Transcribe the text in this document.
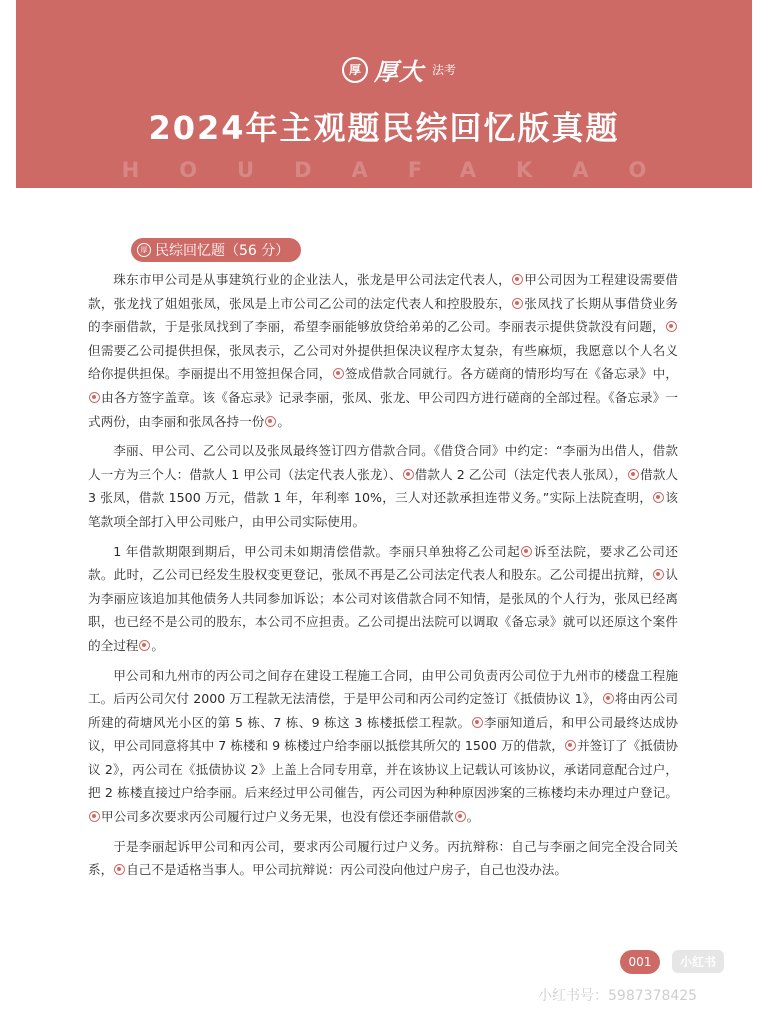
厚 厚大 法考
2024年主观题民综回忆版真题
HOUDAFAKAO
厚 民综回忆题（56 分）

珠东市甲公司是从事建筑行业的企业法人，张龙是甲公司法定代表人， 甲公司因为工程建设需要借款，张龙找了姐姐张凤，张凤是上市公司乙公司的法定代表人和控股股东， 张凤找了长期从事借贷业务的李丽借款，于是张凤找到了李丽，希望李丽能够放贷给弟弟的乙公司。李丽表示提供贷款没有问题，但需要乙公司提供担保，张凤表示，乙公司对外提供担保决议程序太复杂，有些麻烦，我愿意以个人名义给你提供担保。李丽提出不用签担保合同， 签成借款合同就行。各方磋商的情形均写在《备忘录》中，由各方签字盖章。该《备忘录》记录李丽，张凤、张龙、甲公司四方进行磋商的全部过程。《备忘录》一式两份，由李丽和张凤各持一份 。

李丽、甲公司、乙公司以及张凤最终签订四方借款合同。《借贷合同》中约定：“李丽为出借人，借款人一方为三个人：借款人 1 甲公司（法定代表人张龙）、 借款人 2 乙公司（法定代表人张凤）， 借款人 3 张凤，借款 1500 万元，借款 1 年，年利率 10%，三人对还款承担连带义务。”实际上法院查明， 该笔款项全部打入甲公司账户，由甲公司实际使用。

1 年借款期限到期后，甲公司未如期清偿借款。李丽只单独将乙公司起 诉至法院，要求乙公司还款。此时，乙公司已经发生股权变更登记，张凤不再是乙公司法定代表人和股东。乙公司提出抗辩， 认为李丽应该追加其他债务人共同参加诉讼；本公司对该借款合同不知情，是张凤的个人行为，张凤已经离职，也已经不是公司的股东，本公司不应担责。乙公司提出法院可以调取《备忘录》就可以还原这个案件的全过程 。

甲公司和九州市的丙公司之间存在建设工程施工合同，由甲公司负责丙公司位于九州市的楼盘工程施工。后丙公司欠付 2000 万工程款无法清偿，于是甲公司和丙公司约定签订《抵债协议 1》， 将由丙公司所建的荷塘风光小区的第 5 栋、7 栋、9 栋这 3 栋楼抵偿工程款。 李丽知道后，和甲公司最终达成协议，甲公司同意将其中 7 栋楼和 9 栋楼过户给李丽以抵偿其所欠的 1500 万的借款， 并签订了《抵债协议 2》，丙公司在《抵债协议 2》上盖上合同专用章，并在该协议上记载认可该协议，承诺同意配合过户，把 2 栋楼直接过户给李丽。后来经过甲公司催告，丙公司因为种种原因涉案的三栋楼均未办理过户登记。甲公司多次要求丙公司履行过户义务无果，也没有偿还李丽借款 。

于是李丽起诉甲公司和丙公司，要求丙公司履行过户义务。丙抗辩称：自己与李丽之间完全没合同关系， 自己不是适格当事人。甲公司抗辩说：丙公司没向他过户房子，自己也没办法。

001	小红书
小红书号：5987378425
